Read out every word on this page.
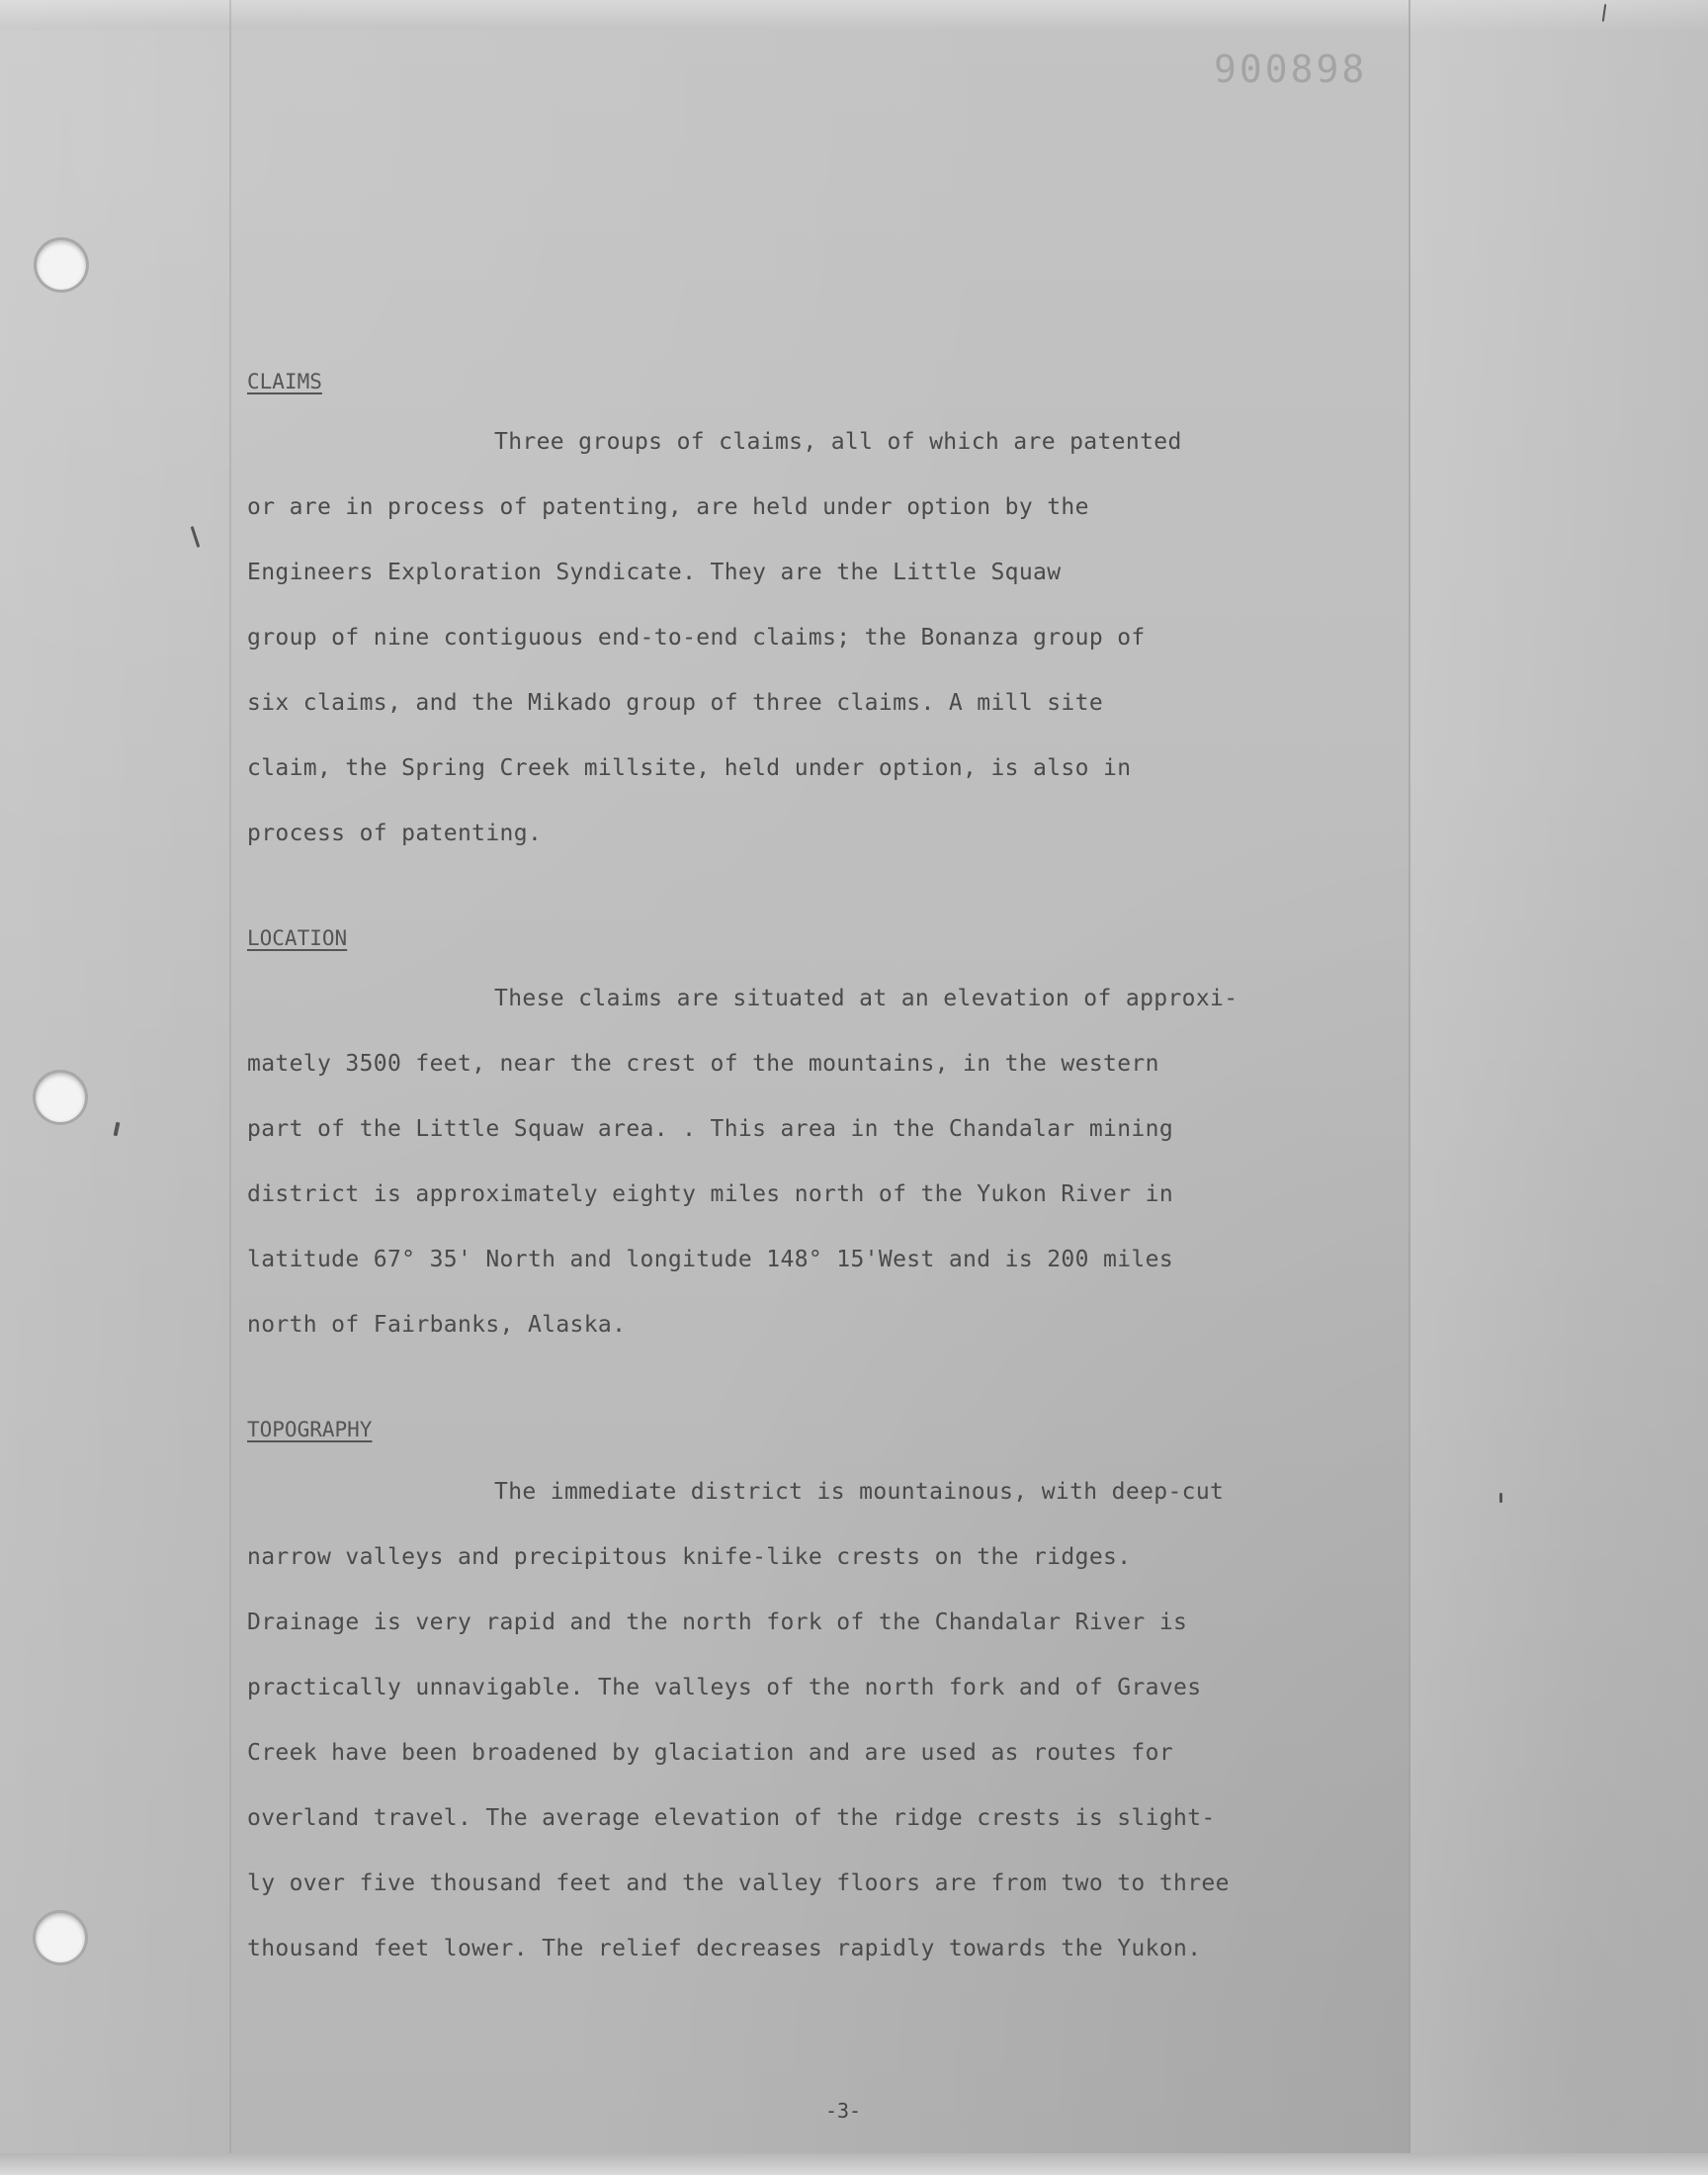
900898
CLAIMS
Three groups of claims, all of which are patented
or are in process of patenting, are held under option by the
Engineers Exploration Syndicate. They are the Little Squaw
group of nine contiguous end-to-end claims; the Bonanza group of
six claims, and the Mikado group of three claims. A mill site
claim, the Spring Creek millsite, held under option, is also in
process of patenting.
LOCATION
These claims are situated at an elevation of approxi-
mately 3500 feet, near the crest of the mountains, in the western
part of the Little Squaw area. . This area in the Chandalar mining
district is approximately eighty miles north of the Yukon River in
latitude 67° 35' North and longitude 148° 15'West and is 200 miles
north of Fairbanks, Alaska.
TOPOGRAPHY
The immediate district is mountainous, with deep-cut
narrow valleys and precipitous knife-like crests on the ridges.
Drainage is very rapid and the north fork of the Chandalar River is
practically unnavigable. The valleys of the north fork and of Graves
Creek have been broadened by glaciation and are used as routes for
overland travel. The average elevation of the ridge crests is slight-
ly over five thousand feet and the valley floors are from two to three
thousand feet lower. The relief decreases rapidly towards the Yukon.
-3-
